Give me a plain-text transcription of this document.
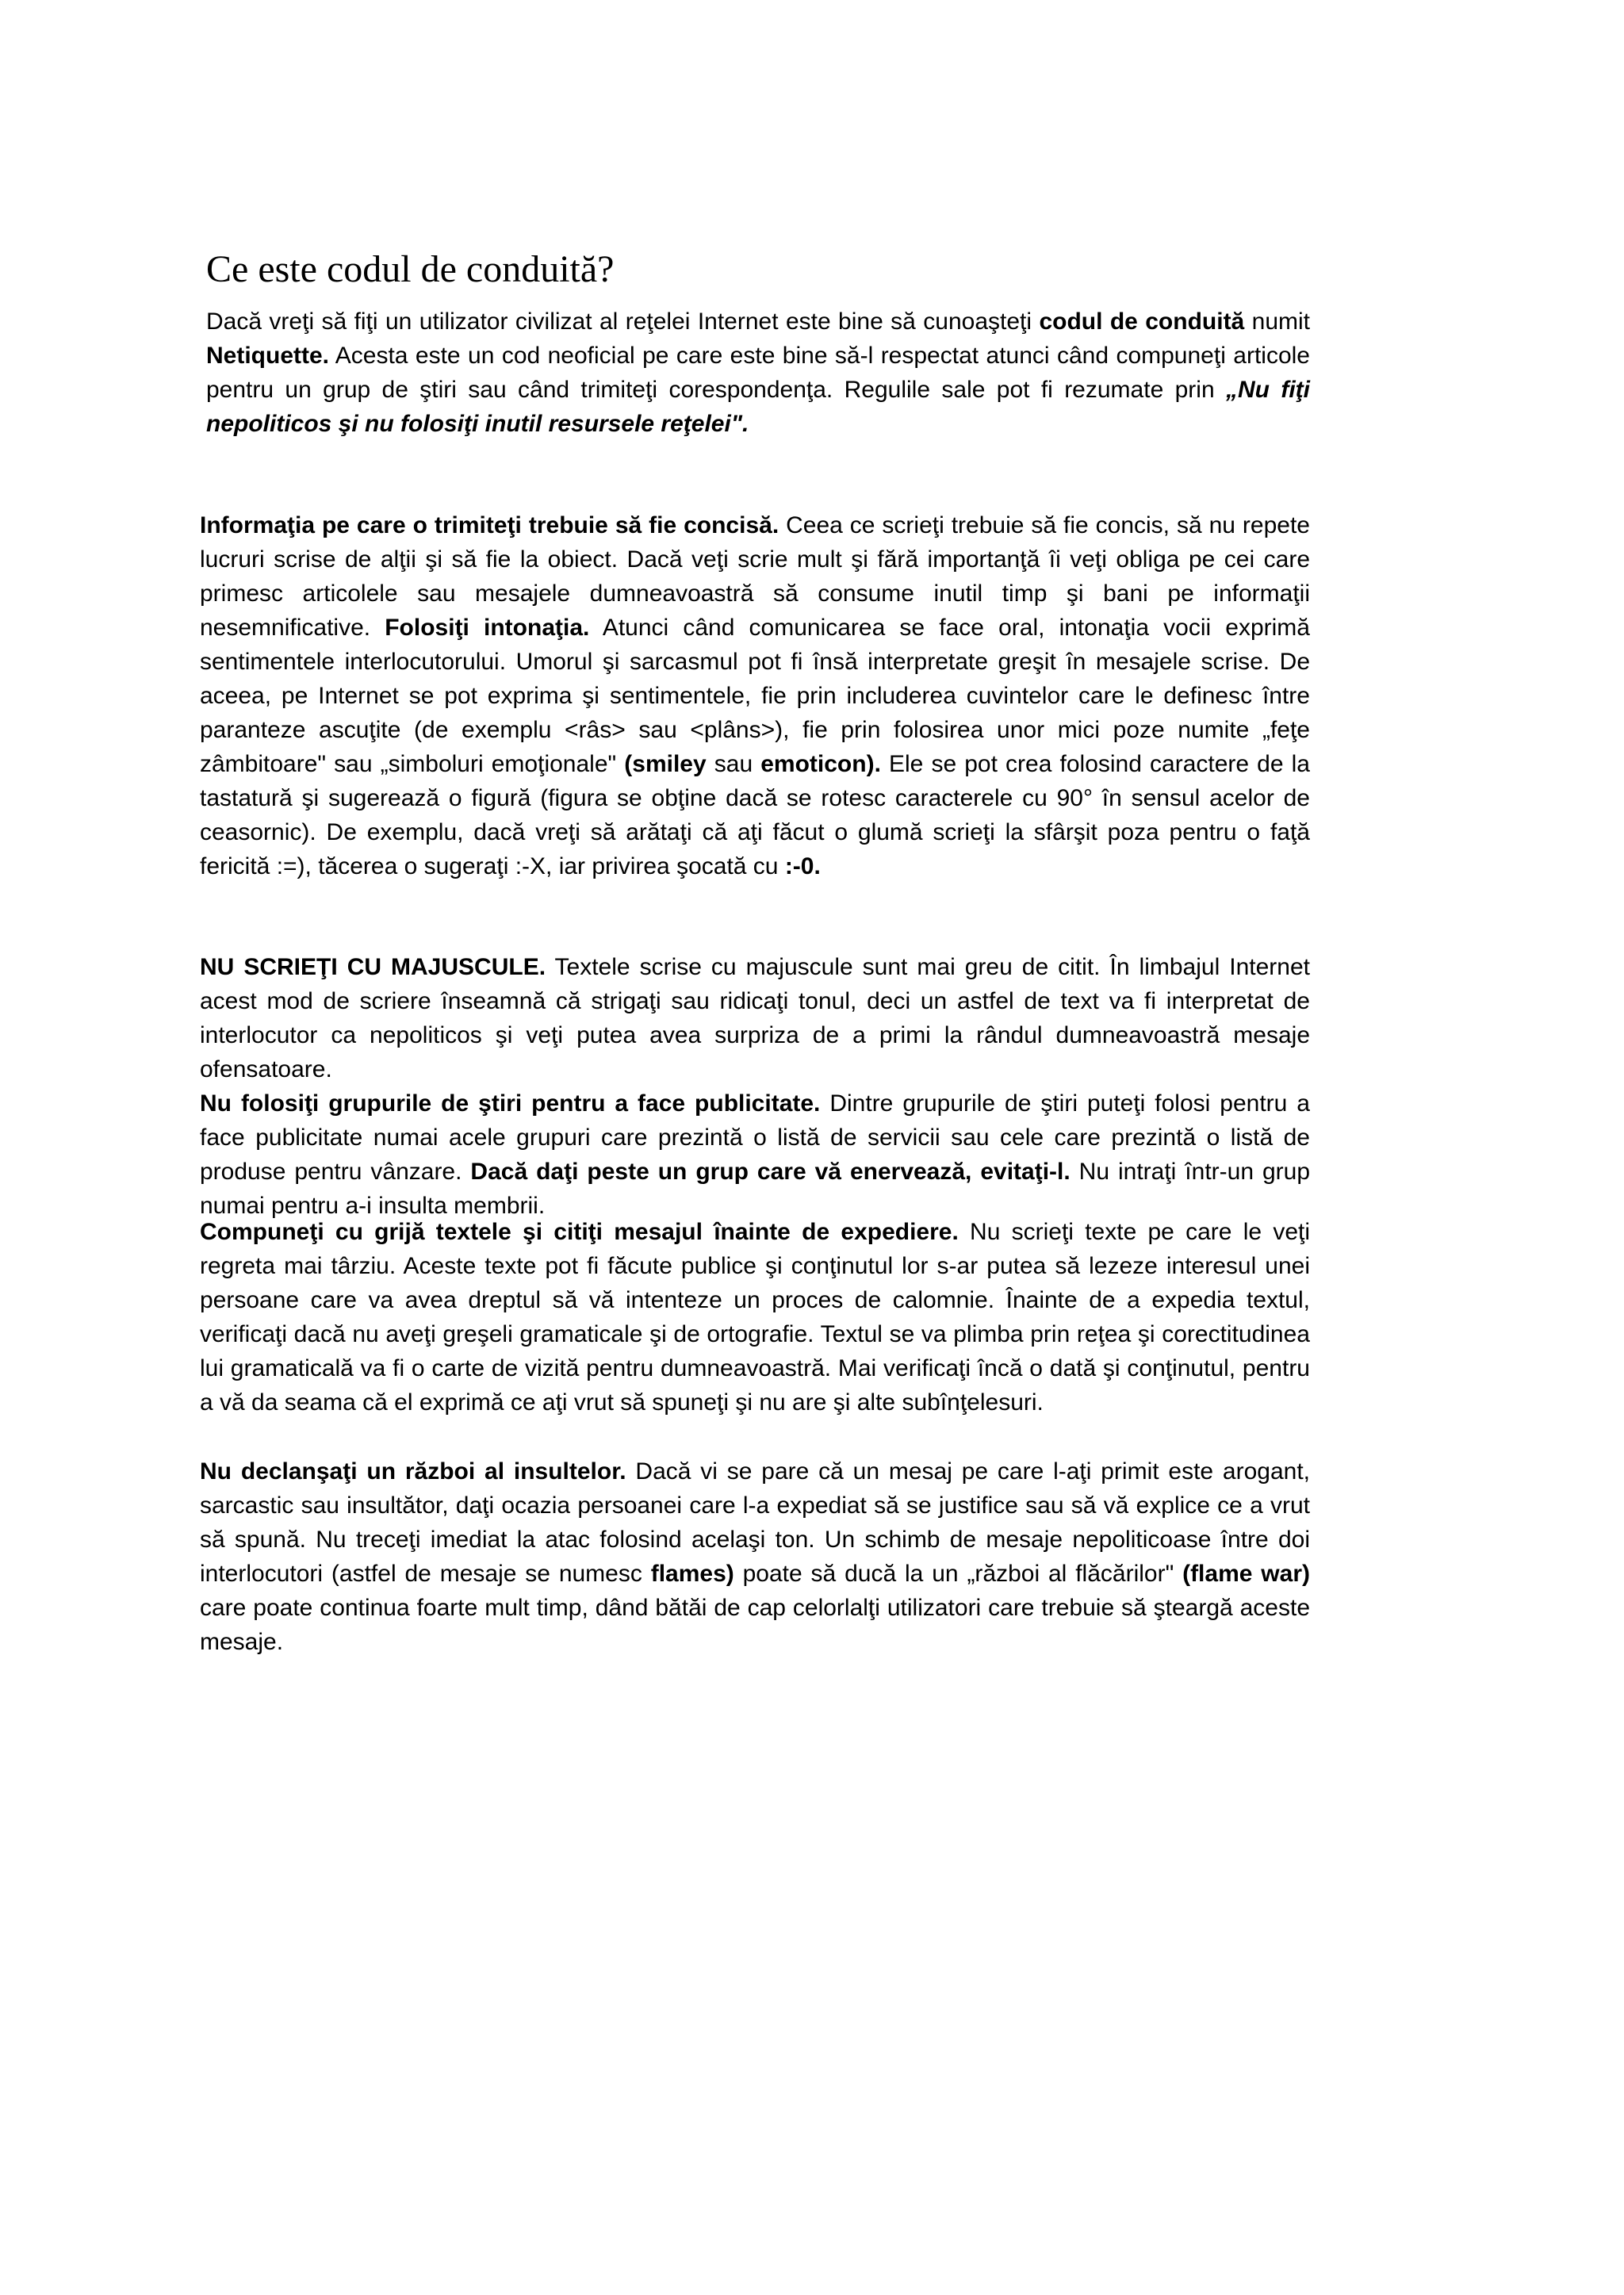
Ce este codul de conduită?

Dacă vreţi să fiţi un utilizator civilizat al reţelei Internet este bine să cunoaşteţi codul de conduită numit Netiquette. Acesta este un cod neoficial pe care este bine să-l respectat atunci când compuneţi articole pentru un grup de ştiri sau când trimiteţi corespondenţa. Regulile sale pot fi rezumate prin „Nu fiţi nepoliticos şi nu folosiţi inutil resursele reţelei".

Informaţia pe care o trimiteţi trebuie să fie concisă. Ceea ce scrieţi trebuie să fie concis, să nu repete lucruri scrise de alţii şi să fie la obiect. Dacă veţi scrie mult şi fără importanţă îi veţi obliga pe cei care primesc articolele sau mesajele dumneavoastră să consume inutil timp şi bani pe informaţii nesemnificative. Folosiţi intonaţia. Atunci când comunicarea se face oral, intonaţia vocii exprimă sentimentele interlocutorului. Umorul şi sarcasmul pot fi însă interpretate greşit în mesajele scrise. De aceea, pe Internet se pot exprima şi sentimentele, fie prin includerea cuvintelor care le definesc între paranteze ascuţite (de exemplu <râs> sau <plâns>), fie prin folosirea unor mici poze numite „feţe zâmbitoare" sau „simboluri emoţionale" (smiley sau emoticon). Ele se pot crea folosind caractere de la tastatură şi sugerează o figură (figura se obţine dacă se rotesc caracterele cu 90° în sensul acelor de ceasornic). De exemplu, dacă vreţi să arătaţi că aţi făcut o glumă scrieţi la sfârşit poza pentru o faţă fericită :=), tăcerea o sugeraţi :-X, iar privirea şocată cu :-0.

NU SCRIEŢI CU MAJUSCULE. Textele scrise cu majuscule sunt mai greu de citit. În limbajul Internet acest mod de scriere înseamnă că strigaţi sau ridicaţi tonul, deci un astfel de text va fi interpretat de interlocutor ca nepoliticos şi veţi putea avea surpriza de a primi la rândul dumneavoastră mesaje ofensatoare.

Nu folosiţi grupurile de ştiri pentru a face publicitate. Dintre grupurile de ştiri puteţi folosi pentru a face publicitate numai acele grupuri care prezintă o listă de servicii sau cele care prezintă o listă de produse pentru vânzare. Dacă daţi peste un grup care vă enervează, evitaţi-l. Nu intraţi într-un grup numai pentru a-i insulta membrii.

Compuneţi cu grijă textele şi citiţi mesajul înainte de expediere. Nu scrieţi texte pe care le veţi regreta mai târziu. Aceste texte pot fi făcute publice şi conţinutul lor s-ar putea să lezeze interesul unei persoane care va avea dreptul să vă intenteze un proces de calomnie. Înainte de a expedia textul, verificaţi dacă nu aveţi greşeli gramaticale şi de ortografie. Textul se va plimba prin reţea şi corectitudinea lui gramaticală va fi o carte de vizită pentru dumneavoastră. Mai verificaţi încă o dată şi conţinutul, pentru a vă da seama că el exprimă ce aţi vrut să spuneţi şi nu are şi alte subînţelesuri.

Nu declanşaţi un război al insultelor. Dacă vi se pare că un mesaj pe care l-aţi primit este arogant, sarcastic sau insultător, daţi ocazia persoanei care l-a expediat să se justifice sau să vă explice ce a vrut să spună. Nu treceţi imediat la atac folosind acelaşi ton. Un schimb de mesaje nepoliticoase între doi interlocutori (astfel de mesaje se numesc flames) poate să ducă la un „război al flăcărilor" (flame war) care poate continua foarte mult timp, dând bătăi de cap celorlalţi utilizatori care trebuie să şteargă aceste mesaje.
